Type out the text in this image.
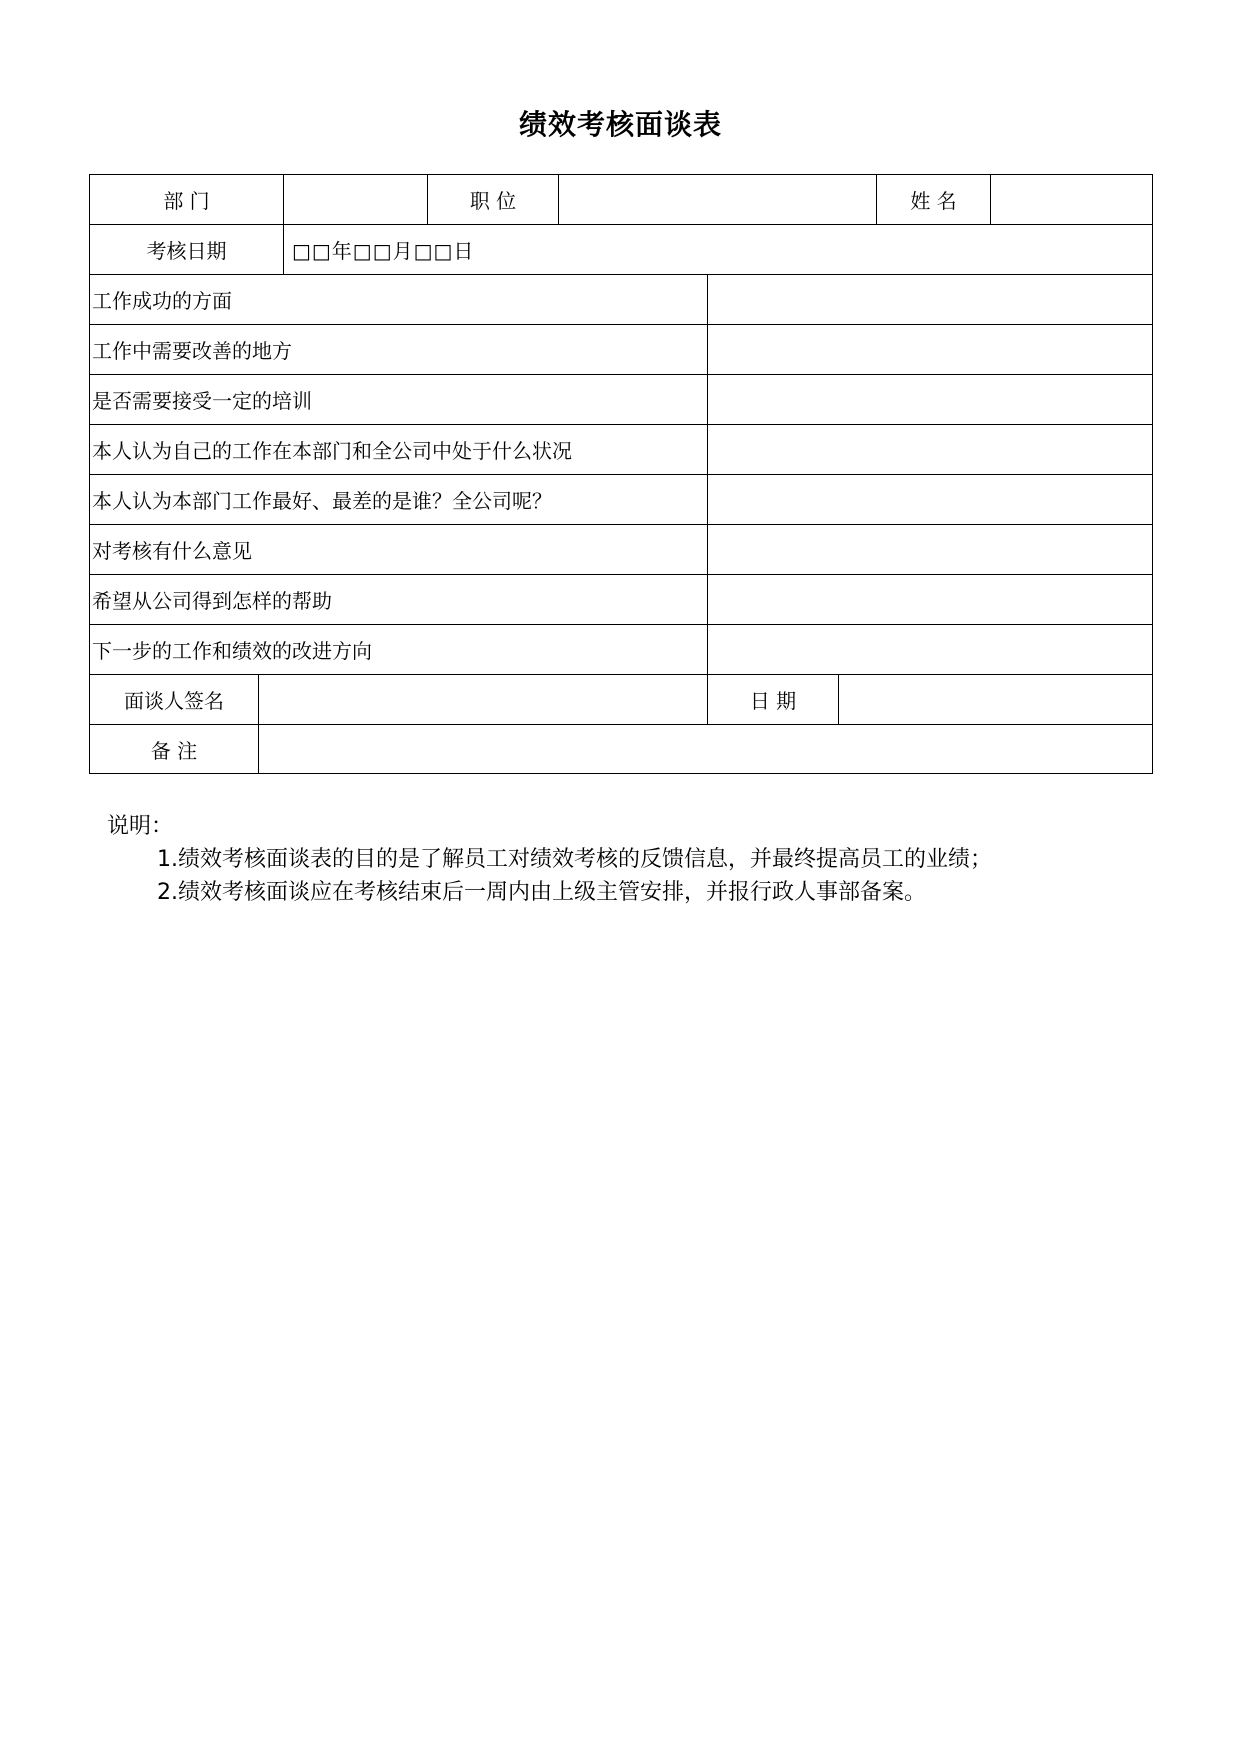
绩效考核面谈表
部 门	职 位	姓 名
考核日期	□□年□□月□□日
工作成功的方面
工作中需要改善的地方
是否需要接受一定的培训
本人认为自己的工作在本部门和全公司中处于什么状况
本人认为本部门工作最好、最差的是谁？全公司呢？
对考核有什么意见
希望从公司得到怎样的帮助
下一步的工作和绩效的改进方向
面谈人签名	日 期
备 注
说明：
1.绩效考核面谈表的目的是了解员工对绩效考核的反馈信息，并最终提高员工的业绩；
2.绩效考核面谈应在考核结束后一周内由上级主管安排，并报行政人事部备案。
